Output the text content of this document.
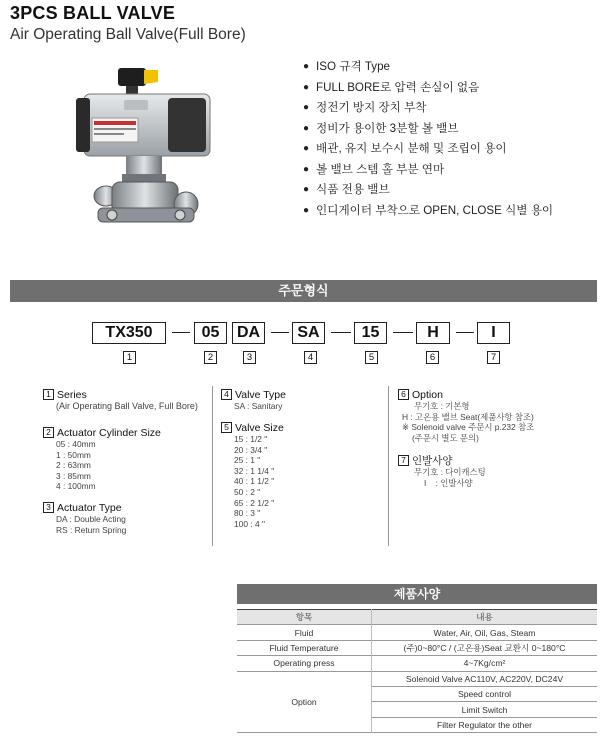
3PCS BALL VALVE
Air Operating Ball Valve(Full Bore)
● ISO 규격 Type
● FULL BORE로 압력 손실이 없음
● 정전기 방지 장치 부착
● 정비가 용이한 3분할 볼 밸브
● 배관, 유지 보수시 분해 및 조립이 용이
● 볼 밸브 스템 홀 부분 연마
● 식품 전용 밸브
● 인디게이터 부착으로 OPEN, CLOSE 식별 용이
주문형식
TX350	05	DA	SA	15	H	I
1	2	3	4	5	6	7
1 Series
(Air Operating Ball Valve, Full Bore)
2 Actuator Cylinder Size
05 : 40mm
1 : 50mm
2 : 63mm
3 : 85mm
4 : 100mm
3 Actuator Type
DA : Double Acting
RS : Return Spring
4 Valve Type
SA : Sanitary
5 Valve Size
15 : 1/2 "
20 : 3/4 "
25 : 1 "
32 : 1 1/4 "
40 : 1 1/2 "
50 : 2 "
65 : 2 1/2 "
80 : 3 "
100 : 4 "
6 Option
무기호 : 기본형
H : 고온용 밸브 Seat(제품사항 참조)
※ Solenoid valve 주문시 p.232 참조
(주문시 별도 문의)
7 인발사양
무기호 : 다이캐스팅
I    : 인발사양
제품사양
항목	내용
Fluid	Water, Air, Oil, Gas, Steam
Fluid Temperature	(주)0~80°C / (고온용)Seat 교환시 0~180°C
Operating press	4~7Kg/cm²
Option	Solenoid Valve AC110V, AC220V, DC24V
	Speed control
	Limit Switch
	Filter Regulator the other
